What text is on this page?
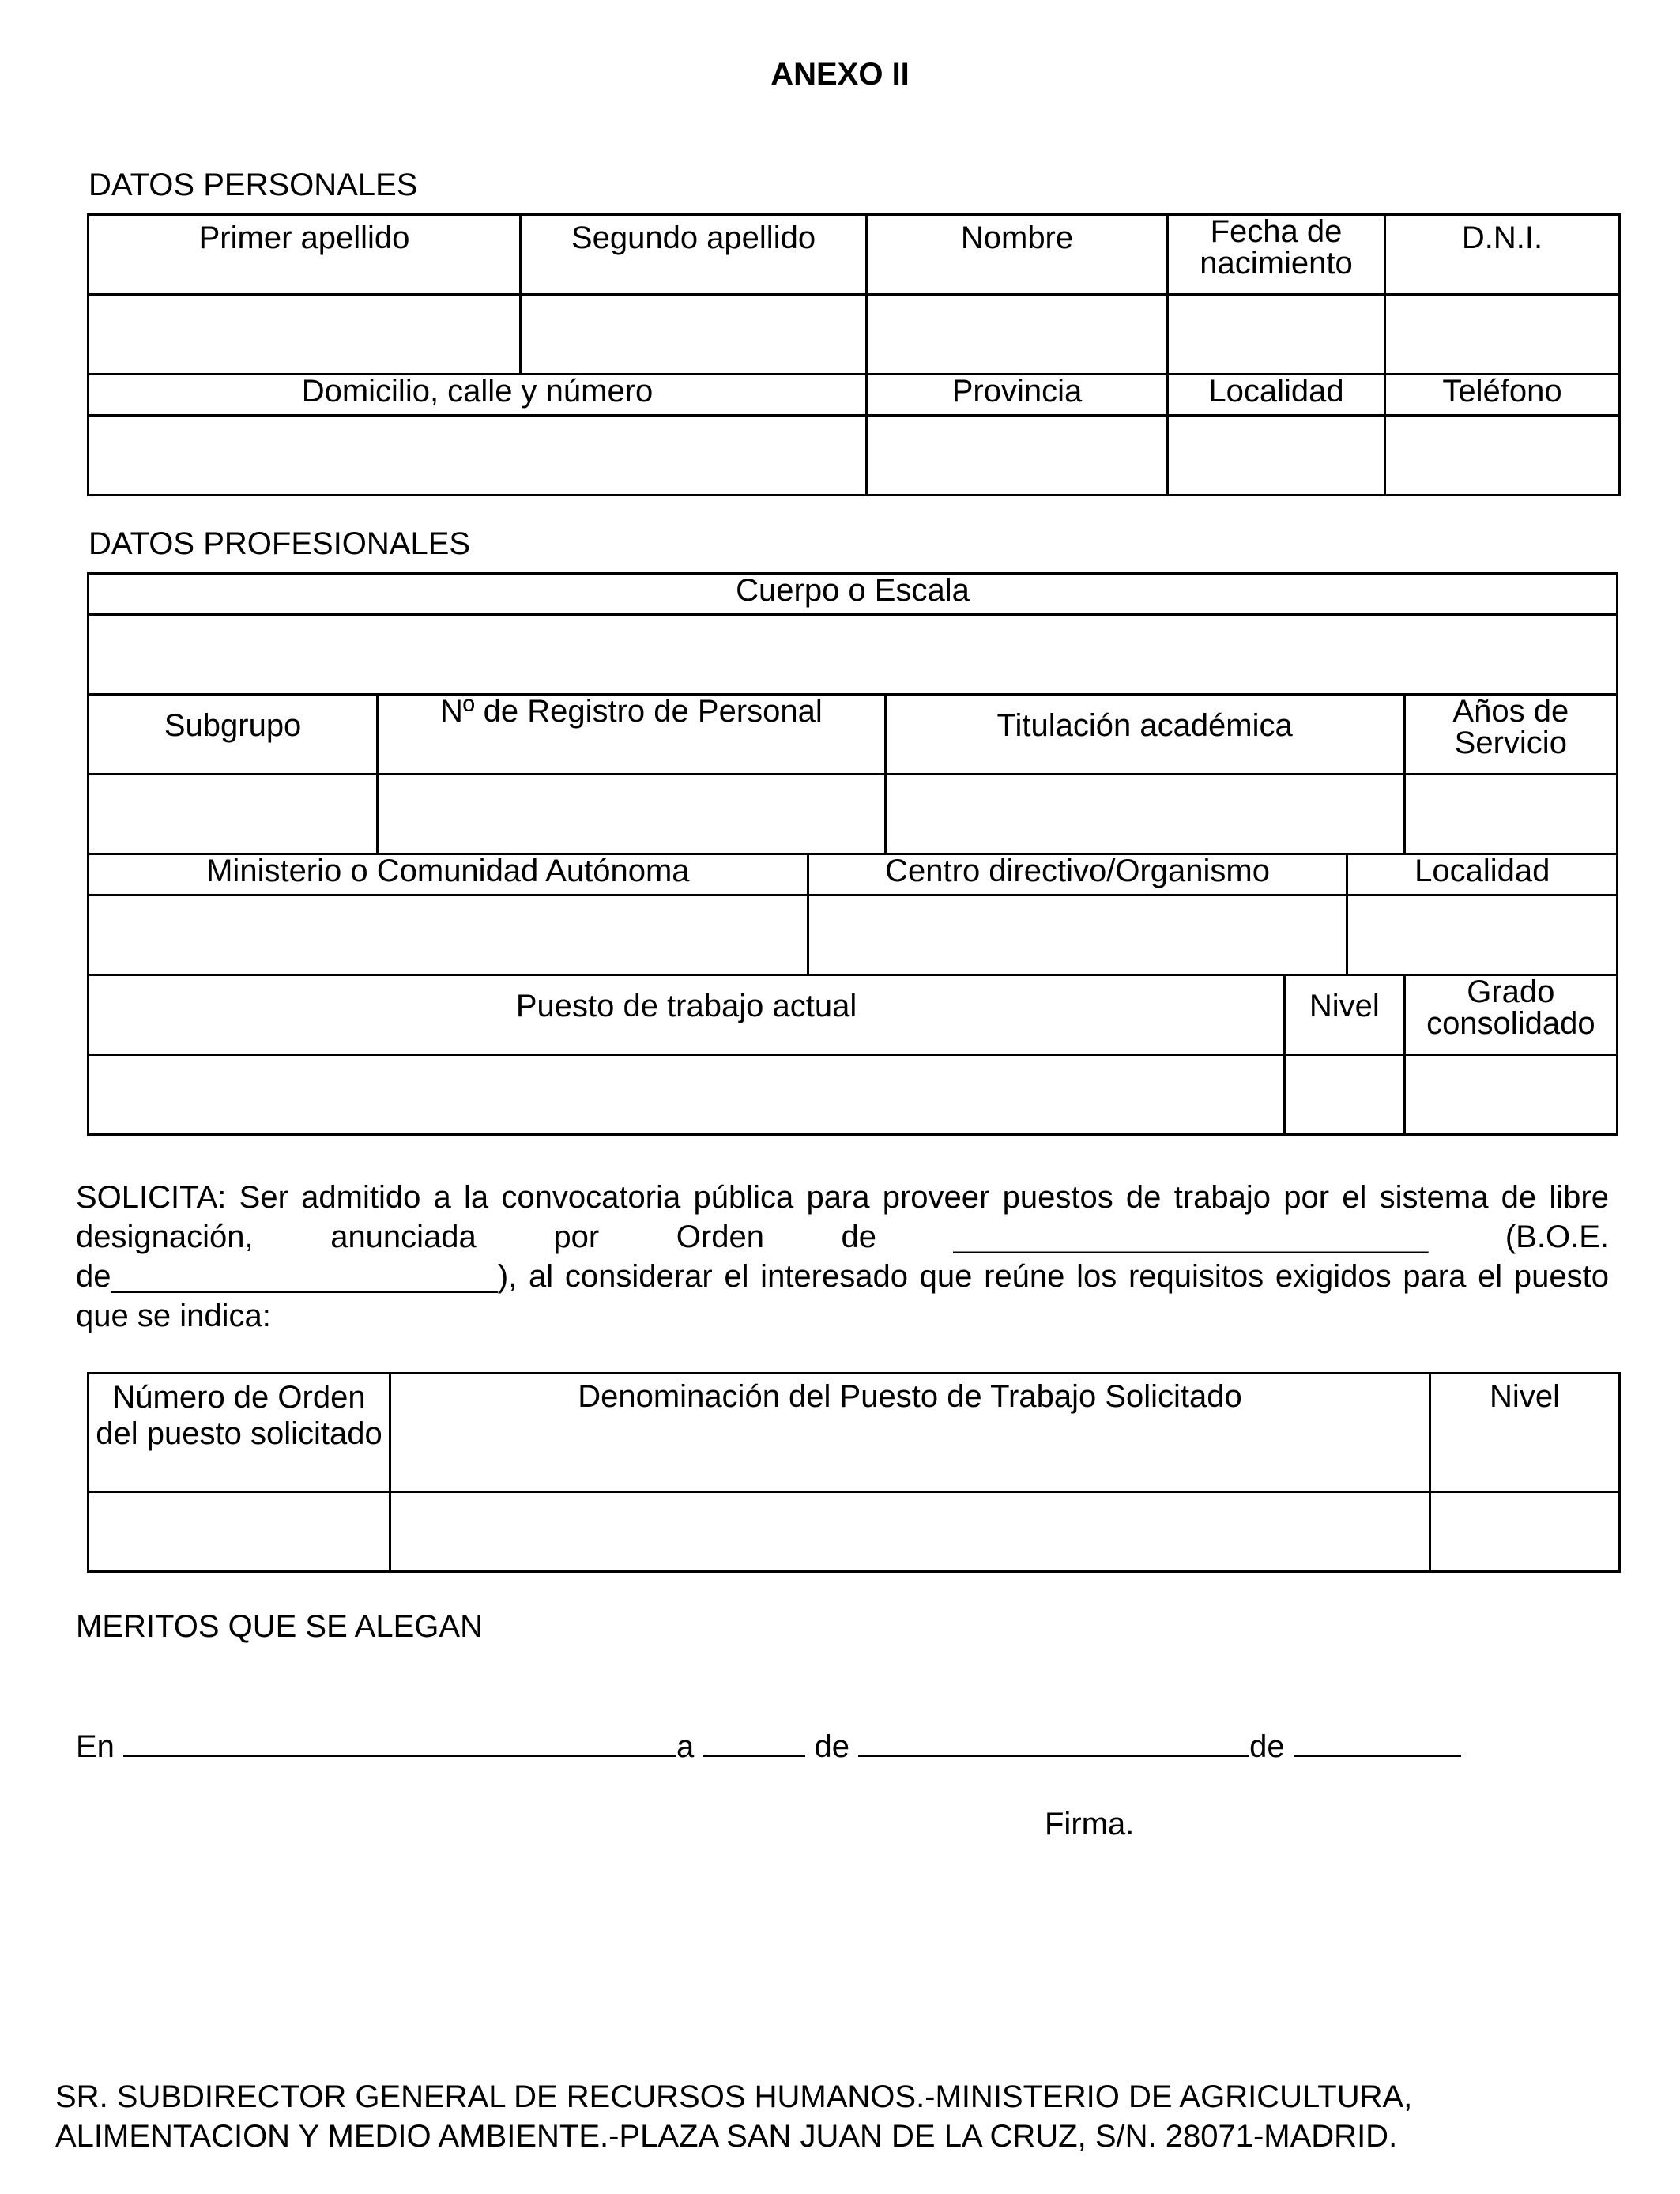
ANEXO II
DATOS PERSONALES
Primer apellido	Segundo apellido	Nombre	Fecha de nacimiento	D.N.I.

Domicilio, calle y número		Provincia	Localidad	Teléfono

DATOS PROFESIONALES
Cuerpo o Escala						

Subgrupo	Nº de Registro de Personal		Titulación académica			Años de Servicio

Ministerio o Comunidad Autónoma		Centro directivo/Organismo			Localidad	

Puesto de trabajo actual				Nivel		Grado consolidado

SOLICITA: Ser admitido a la convocatoria pública para proveer puestos de trabajo por el sistema de libre designación, anunciada por Orden de ___________________________ (B.O.E. de______________________), al considerar el interesado que reúne los requisitos exigidos para el puesto que se indica:
Número de Orden del puesto solicitado	Denominación del Puesto de Trabajo Solicitado	Nivel

MERITOS QUE SE ALEGAN
En	a	de	de
Firma.
SR. SUBDIRECTOR GENERAL DE RECURSOS HUMANOS.-MINISTERIO DE AGRICULTURA,
ALIMENTACION Y MEDIO AMBIENTE.-PLAZA SAN JUAN DE LA CRUZ, S/N. 28071-MADRID.
